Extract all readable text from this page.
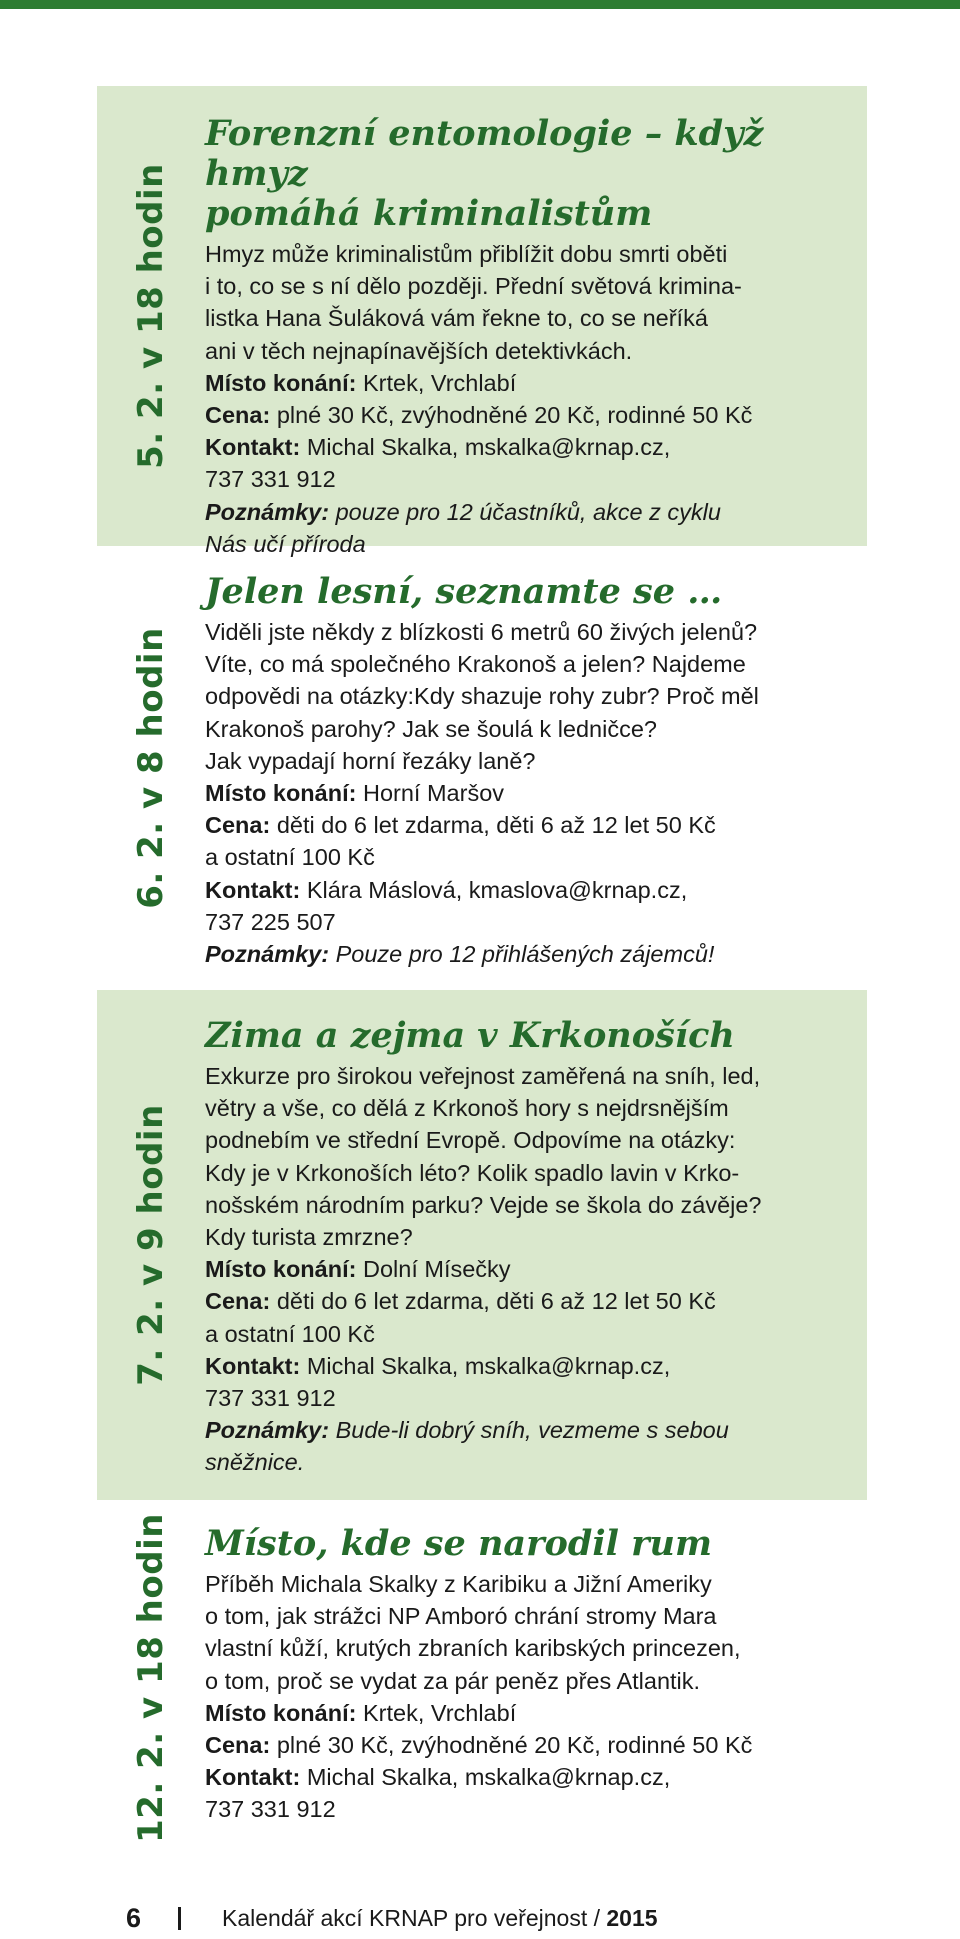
5. 2. v 18 hodin
Forenzní entomologie – když hmyz
pomáhá kriminalistům
Hmyz může kriminalistům přiblížit dobu smrti oběti
i to, co se s ní dělo později. Přední světová krimina-
listka Hana Šuláková vám řekne to, co se neříká
ani v těch nejnapínavějších detektivkách.
Místo konání: Krtek, Vrchlabí
Cena: plné 30 Kč, zvýhodněné 20 Kč, rodinné 50 Kč
Kontakt: Michal Skalka, mskalka@krnap.cz,
737 331 912
Poznámky: pouze pro 12 účastníků, akce z cyklu
Nás učí příroda
6. 2. v 8 hodin
Jelen lesní, seznamte se …
Viděli jste někdy z blízkosti 6 metrů 60 živých jelenů?
Víte, co má společného Krakonoš a jelen? Najdeme
odpovědi na otázky:Kdy shazuje rohy zubr? Proč měl
Krakonoš parohy? Jak se šoulá k ledničce?
Jak vypadají horní řezáky laně?
Místo konání: Horní Maršov
Cena: děti do 6 let zdarma, děti 6 až 12 let 50 Kč
a ostatní 100 Kč
Kontakt: Klára Máslová, kmaslova@krnap.cz,
737 225 507
Poznámky: Pouze pro 12 přihlášených zájemců!
7. 2. v 9 hodin
Zima a zejma v Krkonoších
Exkurze pro širokou veřejnost zaměřená na sníh, led,
větry a vše, co dělá z Krkonoš hory s nejdrsnějším
podnebím ve střední Evropě. Odpovíme na otázky:
Kdy je v Krkonoších léto? Kolik spadlo lavin v Krko-
nošském národním parku? Vejde se škola do závěje?
Kdy turista zmrzne?
Místo konání: Dolní Mísečky
Cena: děti do 6 let zdarma, děti 6 až 12 let 50 Kč
a ostatní 100 Kč
Kontakt: Michal Skalka, mskalka@krnap.cz,
737 331 912
Poznámky: Bude-li dobrý sníh, vezmeme s sebou
sněžnice.
12. 2. v 18 hodin Místo, kde se narodil rum
Příběh Michala Skalky z Karibiku a Jižní Ameriky
o tom, jak strážci NP Amboró chrání stromy Mara
vlastní kůží, krutých zbraních karibských princezen,
o tom, proč se vydat za pár peněz přes Atlantik.
Místo konání: Krtek, Vrchlabí
Cena: plné 30 Kč, zvýhodněné 20 Kč, rodinné 50 Kč
Kontakt: Michal Skalka, mskalka@krnap.cz,
737 331 912
6	Kalendář akcí KRNAP pro veřejnost / 2015
